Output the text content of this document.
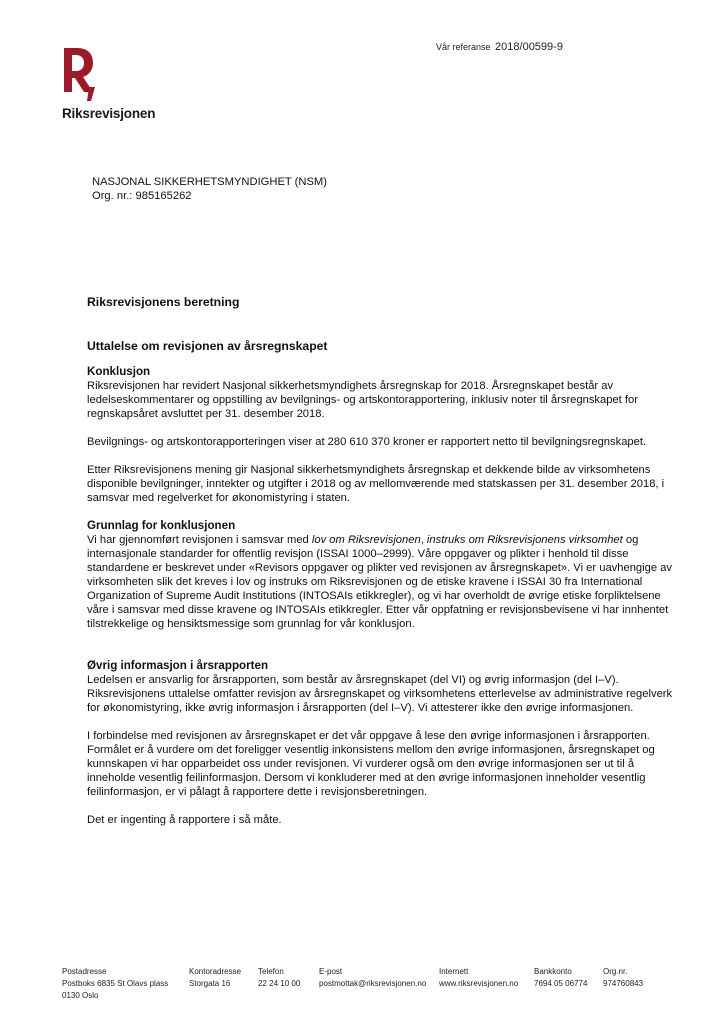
Vår referanse 2018/00599-9
Riksrevisjonen
NASJONAL SIKKERHETSMYNDIGHET (NSM)
Org. nr.: 985165262
Riksrevisjonens beretning
Uttalelse om revisjonen av årsregnskapet
Konklusjon

Riksrevisjonen har revidert Nasjonal sikkerhetsmyndighets årsregnskap for 2018. Årsregnskapet består av ledelseskommentarer og oppstilling av bevilgnings- og artskontorapportering, inklusiv noter til årsregnskapet for regnskapsåret avsluttet per 31. desember 2018.

Bevilgnings- og artskontorapporteringen viser at 280 610 370 kroner er rapportert netto til bevilgningsregnskapet.

Etter Riksrevisjonens mening gir Nasjonal sikkerhetsmyndighets årsregnskap et dekkende bilde av virksomhetens disponible bevilgninger, inntekter og utgifter i 2018 og av mellomværende med statskassen per 31. desember 2018, i samsvar med regelverket for økonomistyring i staten.

Grunnlag for konklusjonen

Vi har gjennomført revisjonen i samsvar med lov om Riksrevisjonen, instruks om Riksrevisjonens virksomhet og internasjonale standarder for offentlig revisjon (ISSAI 1000–2999). Våre oppgaver og plikter i henhold til disse standardene er beskrevet under «Revisors oppgaver og plikter ved revisjonen av årsregnskapet». Vi er uavhengige av virksomheten slik det kreves i lov og instruks om Riksrevisjonen og de etiske kravene i ISSAI 30 fra International Organization of Supreme Audit Institutions (INTOSAIs etikkregler), og vi har overholdt de øvrige etiske forpliktelsene våre i samsvar med disse kravene og INTOSAIs etikkregler. Etter vår oppfatning er revisjonsbevisene vi har innhentet tilstrekkelige og hensiktsmessige som grunnlag for vår konklusjon.

Øvrig informasjon i årsrapporten

Ledelsen er ansvarlig for årsrapporten, som består av årsregnskapet (del VI) og øvrig informasjon (del I–V). Riksrevisjonens uttalelse omfatter revisjon av årsregnskapet og virksomhetens etterlevelse av administrative regelverk for økonomistyring, ikke øvrig informasjon i årsrapporten (del I–V). Vi attesterer ikke den øvrige informasjonen.

I forbindelse med revisjonen av årsregnskapet er det vår oppgave å lese den øvrige informasjonen i årsrapporten. Formålet er å vurdere om det foreligger vesentlig inkonsistens mellom den øvrige informasjonen, årsregnskapet og kunnskapen vi har opparbeidet oss under revisjonen. Vi vurderer også om den øvrige informasjonen ser ut til å inneholde vesentlig feilinformasjon. Dersom vi konkluderer med at den øvrige informasjonen inneholder vesentlig feilinformasjon, er vi pålagt å rapportere dette i revisjonsberetningen.

Det er ingenting å rapportere i så måte.

Postadresse
Postboks 6835 St Olavs plass
0130 Oslo
Kontoradresse
Storgata 16
Telefon
22 24 10 00
E-post
postmottak@riksrevisjonen.no
Internett
www.riksrevisjonen.no
Bankkonto
7694 05 06774
Org.nr.
974760843
